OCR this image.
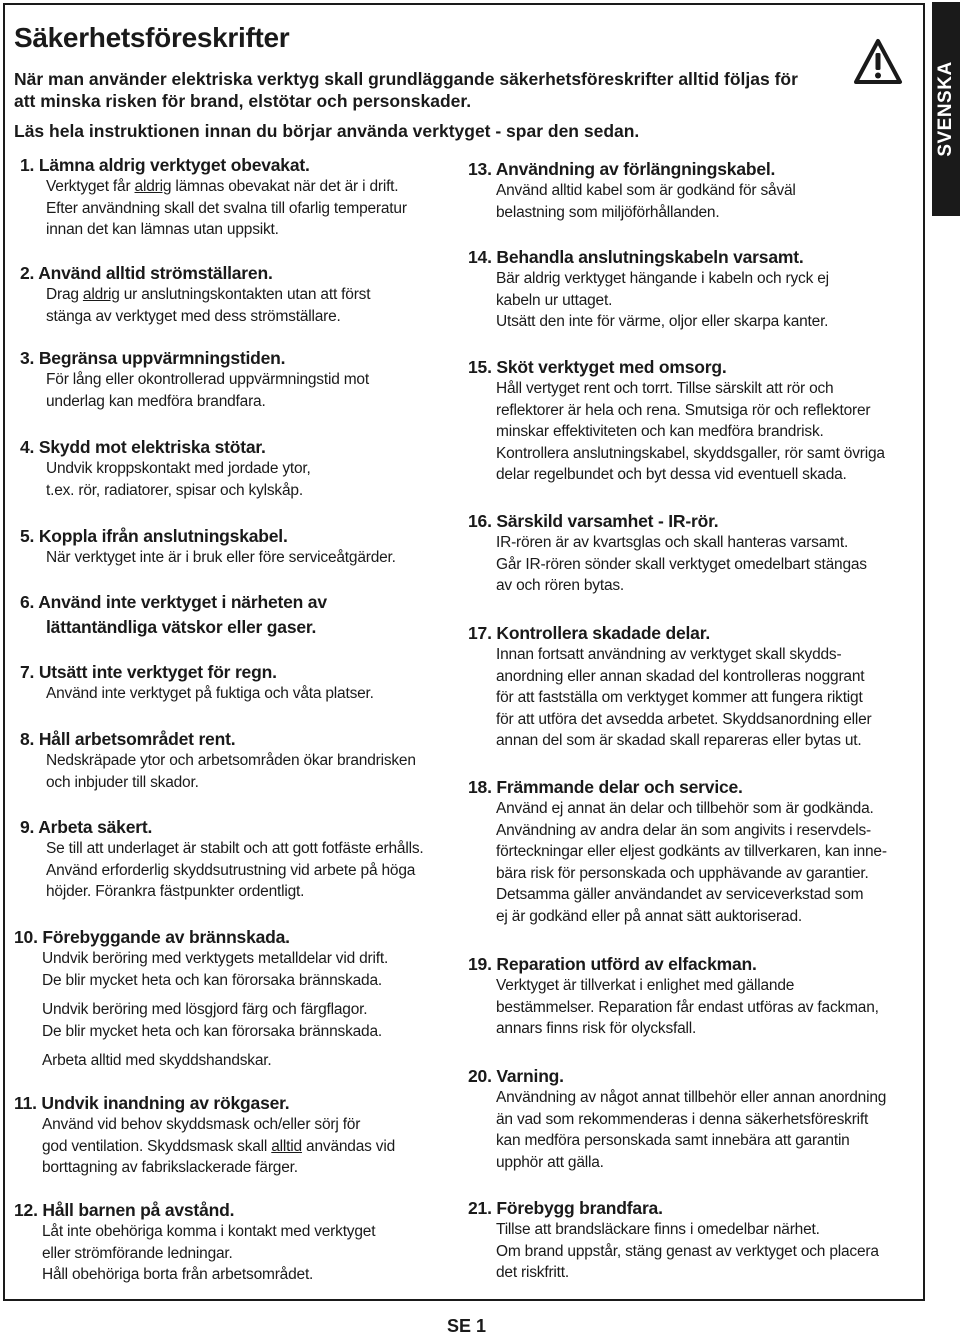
SVENSKA
Säkerhetsföreskrifter

När man använder elektriska verktyg skall grundläggande säkerhetsföreskrifter alltid följas för att minska risken för brand, elstötar och personskader.

Läs hela instruktionen innan du börjar använda verktyget - spar den sedan.

1. Lämna aldrig verktyget obevakat.

Verktyget får aldrig lämnas obevakat när det är i drift.

Efter användning skall det svalna till ofarlig temperatur

innan det kan lämnas utan uppsikt.

2. Använd alltid strömställaren.

Drag aldrig ur anslutningskontakten utan att först

stänga av verktyget med dess strömställare.

3. Begränsa uppvärmningstiden.

För lång eller okontrollerad uppvärmningstid mot

underlag kan medföra brandfara.

4. Skydd mot elektriska stötar.

Undvik kroppskontakt med jordade ytor,

t.ex. rör, radiatorer, spisar och kylskåp.

5. Koppla ifrån anslutningskabel.

När verktyget inte är i bruk eller före serviceåtgärder.

6. Använd inte verktyget i närheten av
lättantändliga vätskor eller gaser.
7. Utsätt inte verktyget för regn.

Använd inte verktyget på fuktiga och våta platser.

8. Håll arbetsområdet rent.

Nedskräpade ytor och arbetsområden ökar brandrisken

och inbjuder till skador.

9. Arbeta säkert.

Se till att underlaget är stabilt och att gott fotfäste erhålls.

Använd erforderlig skyddsutrustning vid arbete på höga

höjder. Förankra fästpunkter ordentligt.

10. Förebyggande av brännskada.

Undvik beröring med verktygets metalldelar vid drift.

De blir mycket heta och kan förorsaka brännskada.

Undvik beröring med lösgjord färg och färgflagor.

De blir mycket heta och kan förorsaka brännskada.

Arbeta alltid med skyddshandskar.

11. Undvik inandning av rökgaser.

Använd vid behov skyddsmask och/eller sörj för

god ventilation. Skyddsmask skall alltid användas vid

borttagning av fabrikslackerade färger.

12. Håll barnen på avstånd.

Låt inte obehöriga komma i kontakt med verktyget

eller strömförande ledningar.

Håll obehöriga borta från arbetsområdet.

13. Användning av förlängningskabel.

Använd alltid kabel som är godkänd för såväl

belastning som miljöförhållanden.

14. Behandla anslutningskabeln varsamt.

Bär aldrig verktyget hängande i kabeln och ryck ej

kabeln ur uttaget.

Utsätt den inte för värme, oljor eller skarpa kanter.

15. Sköt verktyget med omsorg.

Håll vertyget rent och torrt. Tillse särskilt att rör och

reflektorer är hela och rena. Smutsiga rör och reflektorer

minskar effektiviteten och kan medföra brandrisk.

Kontrollera anslutningskabel, skyddsgaller, rör samt övriga

delar regelbundet och byt dessa vid eventuell skada.

16. Särskild varsamhet - IR-rör.

IR-rören är av kvartsglas och skall hanteras varsamt.

Går IR-rören sönder skall verktyget omedelbart stängas

av och rören bytas.

17. Kontrollera skadade delar.

Innan fortsatt användning av verktyget skall skydds-

anordning eller annan skadad del kontrolleras noggrant

för att fastställa om verktyget kommer att fungera riktigt

för att utföra det avsedda arbetet. Skyddsanordning eller

annan del som är skadad skall repareras eller bytas ut.

18. Främmande delar och service.

Använd ej annat än delar och tillbehör som är godkända.

Användning av andra delar än som angivits i reservdels-

förteckningar eller eljest godkänts av tillverkaren, kan inne-

bära risk för personskada och upphävande av garantier.

Detsamma gäller användandet av serviceverkstad som

ej är godkänd eller på annat sätt auktoriserad.

19. Reparation utförd av elfackman.

Verktyget är tillverkat i enlighet med gällande

bestämmelser. Reparation får endast utföras av fackman,

annars finns risk för olycksfall.

20. Varning.

Användning av något annat tillbehör eller annan anordning

än vad som rekommenderas i denna säkerhetsföreskrift

kan medföra personskada samt innebära att garantin

upphör att gälla.

21. Förebygg brandfara.

Tillse att brandsläckare finns i omedelbar närhet.

Om brand uppstår, stäng genast av verktyget och placera

det riskfritt.

SE 1
